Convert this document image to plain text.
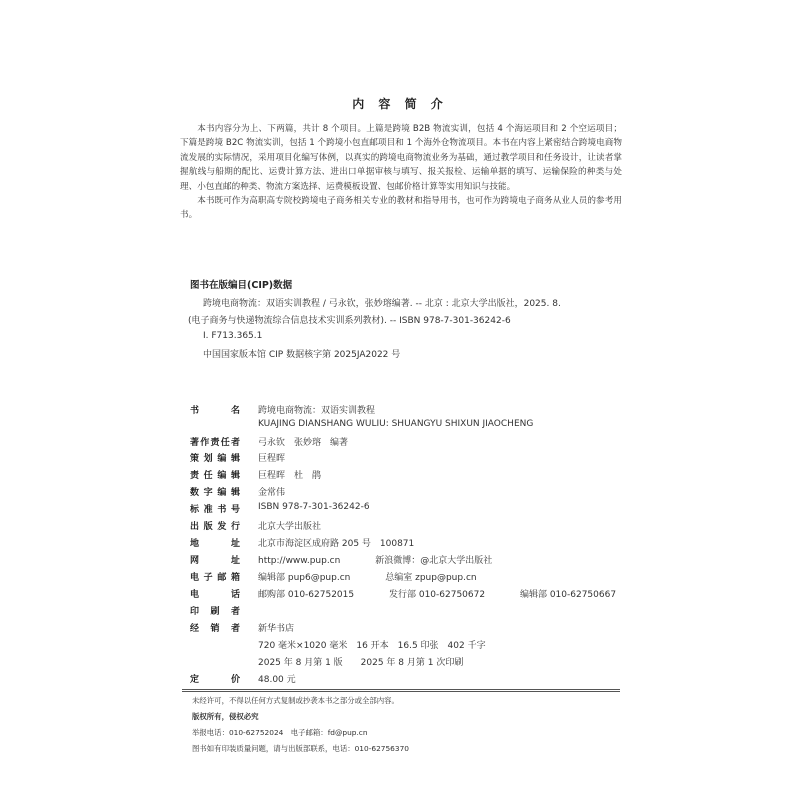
内 容 简 介

本书内容分为上、下两篇，共计 8 个项目。上篇是跨境 B2B 物流实训，包括 4 个海运项目和 2 个空运项目；下篇是跨境 B2C 物流实训，包括 1 个跨境小包直邮项目和 1 个海外仓物流项目。本书在内容上紧密结合跨境电商物流发展的实际情况，采用项目化编写体例，以真实的跨境电商物流业务为基础，通过教学项目和任务设计，让读者掌握航线与船期的配比、运费计算方法、进出口单据审核与填写、报关报检、运输单据的填写、运输保险的种类与处理、小包直邮的种类、物流方案选择、运费模板设置、包邮价格计算等实用知识与技能。

本书既可作为高职高专院校跨境电子商务相关专业的教材和指导用书，也可作为跨境电子商务从业人员的参考用书。

图书在版编目(CIP)数据
跨境电商物流：双语实训教程 / 弓永钦，张妙瑢编著. -- 北京 : 北京大学出版社，2025. 8.
(电子商务与快递物流综合信息技术实训系列教材). -- ISBN 978-7-301-36242-6
Ⅰ. F713.365.1
中国国家版本馆 CIP 数据核字第 2025JA2022 号
书　名 跨境电商物流：双语实训教程
KUAJING DIANSHANG WULIU: SHUANGYU SHIXUN JIAOCHENG
著作责任者 弓永钦　张妙瑢　编著
策划编辑 巨程晖
责任编辑 巨程晖　杜　鹃
数字编辑 金常伟
标准书号 ISBN 978-7-301-36242-6
出版发行 北京大学出版社
地　址 北京市海淀区成府路 205 号　100871
网　址 http://www.pup.cn	新浪微博：@北京大学出版社
电子邮箱 编辑部 pup6@pup.cn	总编室 zpup@pup.cn
电　话 邮购部 010-62752015	发行部 010-62750672	编辑部 010-62750667
印刷者
经销者 新华书店
720 毫米×1020 毫米　16 开本　16.5 印张　402 千字
2025 年 8 月第 1 版　　2025 年 8 月第 1 次印刷
定　价 48.00 元
未经许可，不得以任何方式复制或抄袭本书之部分或全部内容。
版权所有，侵权必究
举报电话：010-62752024　电子邮箱：fd@pup.cn
图书如有印装质量问题，请与出版部联系，电话：010-62756370
